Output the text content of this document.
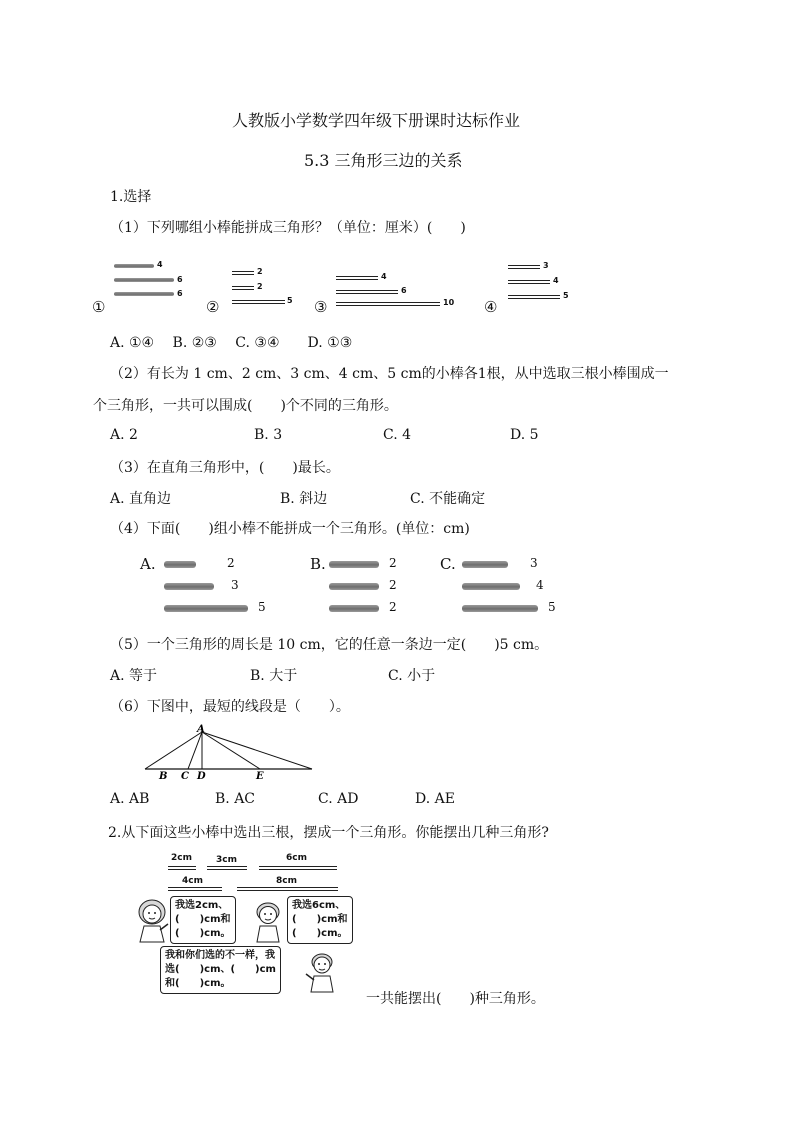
人教版小学数学四年级下册课时达标作业
5.3 三角形三边的关系
1.选择
（1）下列哪组小棒能拼成三角形？（单位：厘米）(　　)
4
6
6
①
2
2
5
②
4
6
10
③
3
4
5
④
A. ①④　 B. ②③　 C. ③④　　D. ①③
（2）有长为 1 cm、2 cm、3 cm、4 cm、5 cm的小棒各1根，从中选取三根小棒围成一
个三角形，一共可以围成(　　)个不同的三角形。
A. 2	B. 3	C. 4	D. 5
（3）在直角三角形中，(　　)最长。
A. 直角边	B. 斜边	C. 不能确定
（4）下面(　　)组小棒不能拼成一个三角形。(单位：cm)
A.	2
3
5
B.	2
2
2
C.	3
4
5
（5）一个三角形的周长是 10 cm，它的任意一条边一定(　　)5 cm。
A. 等于	B. 大于	C. 小于
（6）下图中，最短的线段是（　　）。
A
B C D	E
A. AB	B. AC	C. AD	D. AE
2.从下面这些小棒中选出三根，摆成一个三角形。你能摆出几种三角形?
2cm	3cm	6cm
4cm	8cm
我选2cm、
(　　)cm和
(　　)cm。
我选6cm、
(　　)cm和
(　　)cm。
我和你们选的不一样，我
选(　　)cm、(　　)cm
和(　　)cm。
一共能摆出(　　)种三角形。
